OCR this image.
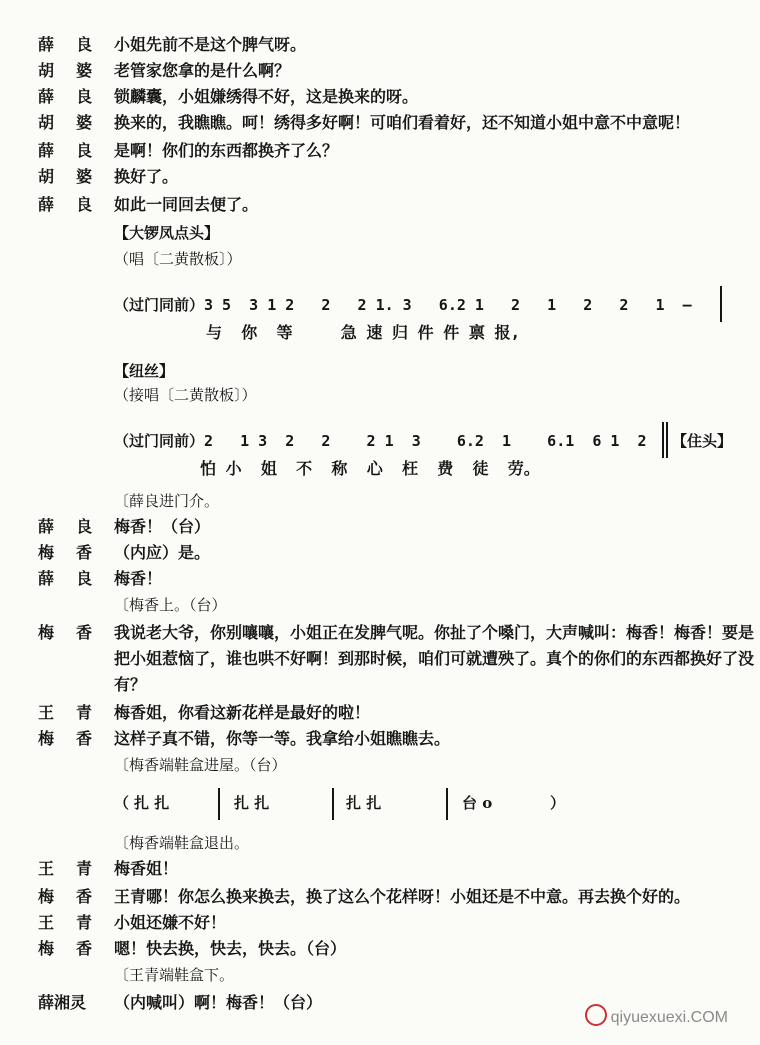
薛良 小姐先前不是这个脾气呀。
胡婆 老管家您拿的是什么啊？
薛良 锁麟囊，小姐嫌绣得不好，这是换来的呀。
胡婆 换来的，我瞧瞧。呵！绣得多好啊！可咱们看着好，还不知道小姐中意不中意呢！
薛良 是啊！你们的东西都换齐了么？
胡婆 换好了。
薛良 如此一同回去便了。
【大锣凤点头】
（唱〔二黄散板〕）
（过门同前）3 5  3 1 2   2   2 1. 3   6.2 1   2   1   2   2   1  –
与  你  等     急 速 归 件 件 禀 报,
【纽丝】
（接唱〔二黄散板〕）
（过门同前）2   1 3  2   2    2 1  3    6.2  1    6.1  6 1  2
怕 小  姐  不  称  心  枉  费  徒  劳。
【住头】
〔薛良进门介。
薛良 梅香！（台）
梅香 （内应）是。
薛良 梅香！
〔梅香上。（台）
梅香 我说老大爷，你别嚷嚷，小姐正在发脾气呢。你扯了个嗓门，大声喊叫：梅香！梅香！要是把小姐惹恼了，谁也哄不好啊！到那时候，咱们可就遭殃了。真个的你们的东西都换好了没有？
王青 梅香姐，你看这新花样是最好的啦！
梅香 这样子真不错，你等一等。我拿给小姐瞧瞧去。
〔梅香端鞋盒进屋。（台）
（ 扎 扎	扎 扎	扎 扎	台 o	）
〔梅香端鞋盒退出。
王青 梅香姐！
梅香 王青哪！你怎么换来换去，换了这么个花样呀！小姐还是不中意。再去换个好的。
王青 小姐还嫌不好！
梅香 嗯！快去换，快去，快去。（台）
〔王青端鞋盒下。
薛湘灵	（内喊叫）啊！梅香！（台）
qiyuexuexi.COM
